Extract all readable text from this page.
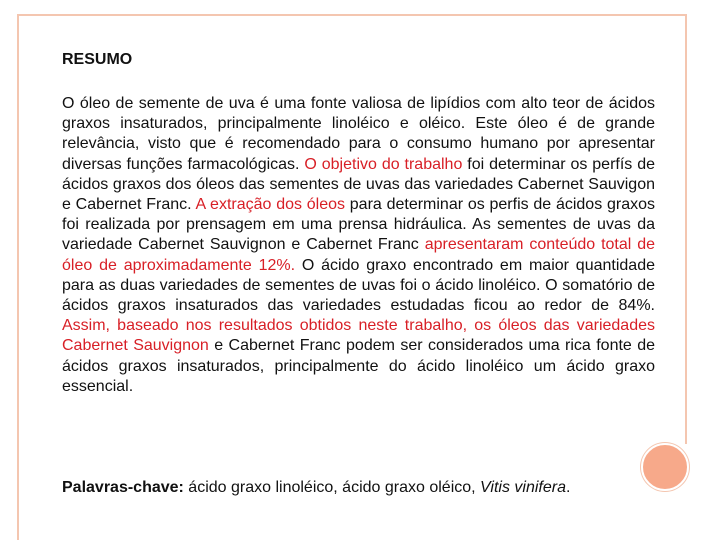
RESUMO

O óleo de semente de uva é uma fonte valiosa de lipídios com alto teor de ácidos graxos insaturados, principalmente linoléico e oléico. Este óleo é de grande relevância, visto que é recomendado para o consumo humano por apresentar diversas funções farmacológicas. O objetivo do trabalho foi determinar os perfís de ácidos graxos dos óleos das sementes de uvas das variedades Cabernet Sauvigon e Cabernet Franc. A extração dos óleos para determinar os perfis de ácidos graxos foi realizada por prensagem em uma prensa hidráulica. As sementes de uvas da variedade Cabernet Sauvignon e Cabernet Franc apresentaram conteúdo total de óleo de aproximadamente 12%. O ácido graxo encontrado em maior quantidade para as duas variedades de sementes de uvas foi o ácido linoléico. O somatório de ácidos graxos insaturados das variedades estudadas ficou ao redor de 84%. Assim, baseado nos resultados obtidos neste trabalho, os óleos das variedades Cabernet Sauvignon e Cabernet Franc podem ser considerados uma rica fonte de ácidos graxos insaturados, principalmente do ácido linoléico um ácido graxo essencial.

Palavras-chave: ácido graxo linoléico, ácido graxo oléico, Vitis vinifera.
